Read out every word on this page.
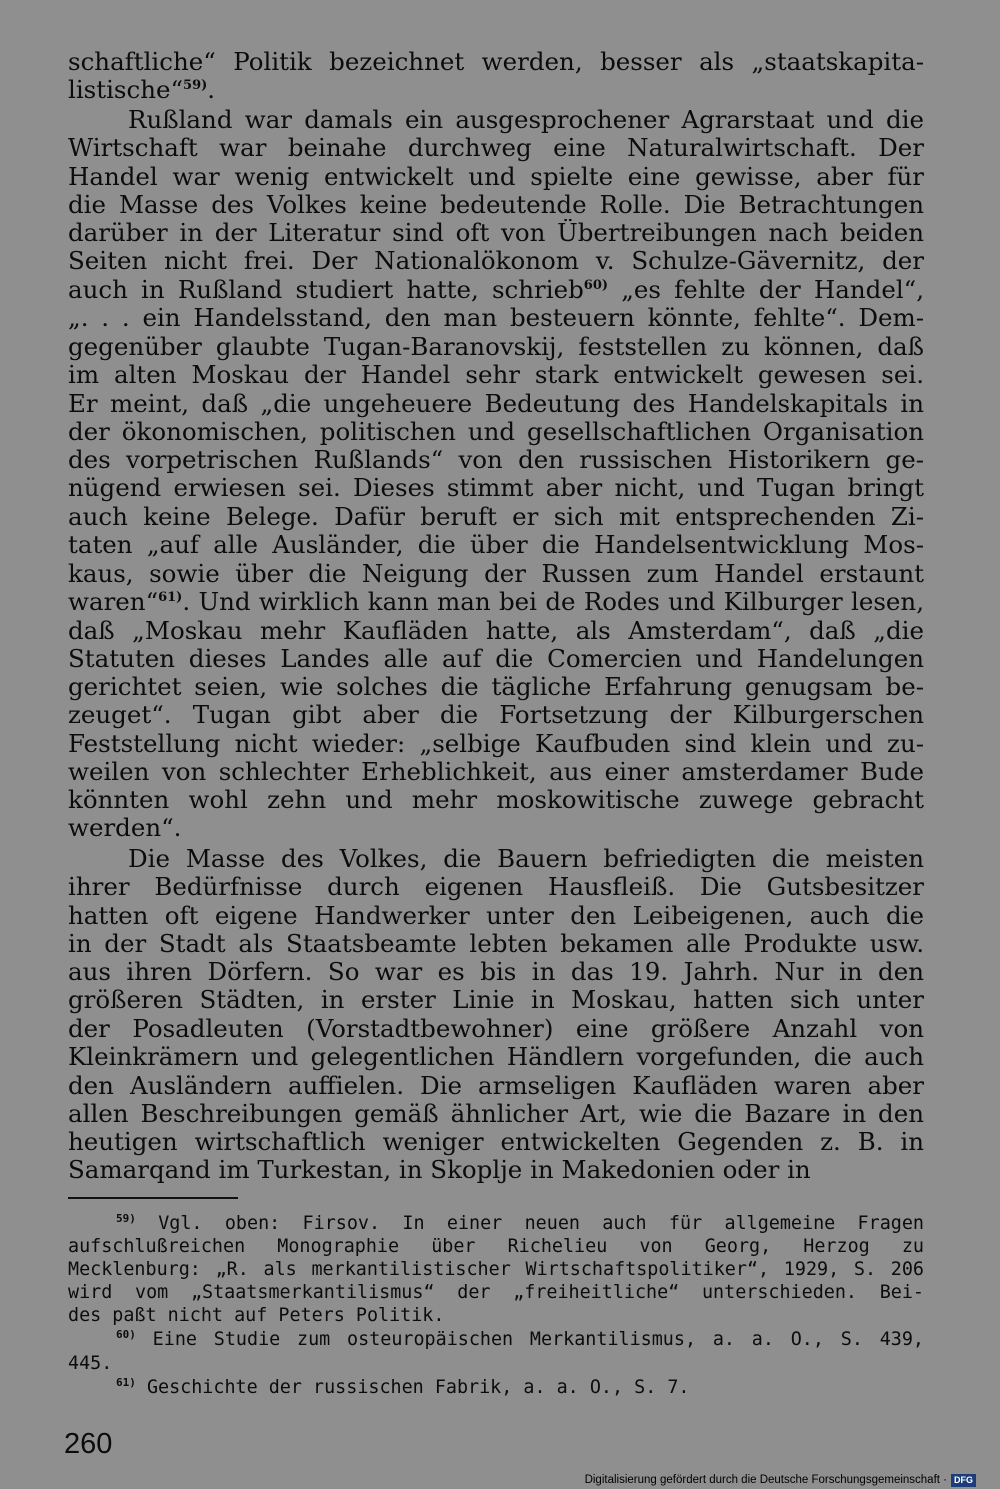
schaftliche“ Politik bezeichnet werden, besser als „staatskapita-
listische“$^{59)}$.
Rußland war damals ein ausgesprochener Agrarstaat und die
Wirtschaft war beinahe durchweg eine Naturalwirtschaft. Der
Handel war wenig entwickelt und spielte eine gewisse, aber für
die Masse des Volkes keine bedeutende Rolle. Die Betrachtungen
darüber in der Literatur sind oft von Übertreibungen nach beiden
Seiten nicht frei. Der Nationalökonom v. Schulze-Gävernitz, der
auch in Rußland studiert hatte, schrieb$^{60)}$ „es fehlte der Handel“,
„. . . ein Handelsstand, den man besteuern könnte, fehlte“. Dem-
gegenüber glaubte Tugan-Baranovskij, feststellen zu können, daß
im alten Moskau der Handel sehr stark entwickelt gewesen sei.
Er meint, daß „die ungeheuere Bedeutung des Handelskapitals in
der ökonomischen, politischen und gesellschaftlichen Organisation
des vorpetrischen Rußlands“ von den russischen Historikern ge-
nügend erwiesen sei. Dieses stimmt aber nicht, und Tugan bringt
auch keine Belege. Dafür beruft er sich mit entsprechenden Zi-
taten „auf alle Ausländer, die über die Handelsentwicklung Mos-
kaus, sowie über die Neigung der Russen zum Handel erstaunt
waren“$^{61)}$. Und wirklich kann man bei de Rodes und Kilburger lesen,
daß „Moskau mehr Kaufläden hatte, als Amsterdam“, daß „die
Statuten dieses Landes alle auf die Comercien und Handelungen
gerichtet seien, wie solches die tägliche Erfahrung genugsam be-
zeuget“. Tugan gibt aber die Fortsetzung der Kilburgerschen
Feststellung nicht wieder: „selbige Kaufbuden sind klein und zu-
weilen von schlechter Erheblichkeit, aus einer amsterdamer Bude
könnten wohl zehn und mehr moskowitische zuwege gebracht
werden“.
Die Masse des Volkes, die Bauern befriedigten die meisten
ihrer Bedürfnisse durch eigenen Hausfleiß. Die Gutsbesitzer
hatten oft eigene Handwerker unter den Leibeigenen, auch die
in der Stadt als Staatsbeamte lebten bekamen alle Produkte usw.
aus ihren Dörfern. So war es bis in das 19. Jahrh. Nur in den
größeren Städten, in erster Linie in Moskau, hatten sich unter
der Posadleuten (Vorstadtbewohner) eine größere Anzahl von
Kleinkrämern und gelegentlichen Händlern vorgefunden, die auch
den Ausländern auffielen. Die armseligen Kaufläden waren aber
allen Beschreibungen gemäß ähnlicher Art, wie die Bazare in den
heutigen wirtschaftlich weniger entwickelten Gegenden z. B. in
Samarqand im Turkestan, in Skoplje in Makedonien oder in
$^{59)}$ Vgl. oben: Firsov. In einer neuen auch für allgemeine Fragen
aufschlußreichen Monographie über Richelieu von Georg, Herzog zu
Mecklenburg: „R. als merkantilistischer Wirtschaftspolitiker“, 1929, S. 206
wird vom „Staatsmerkantilismus“ der „freiheitliche“ unterschieden. Bei-
des paßt nicht auf Peters Politik.
$^{60)}$ Eine Studie zum osteuropäischen Merkantilismus, a. a. O., S. 439,
445.
$^{61)}$ Geschichte der russischen Fabrik, a. a. O., S. 7.
260
Digitalisierung gefördert durch die Deutsche Forschungsgemeinschaft · DFG
